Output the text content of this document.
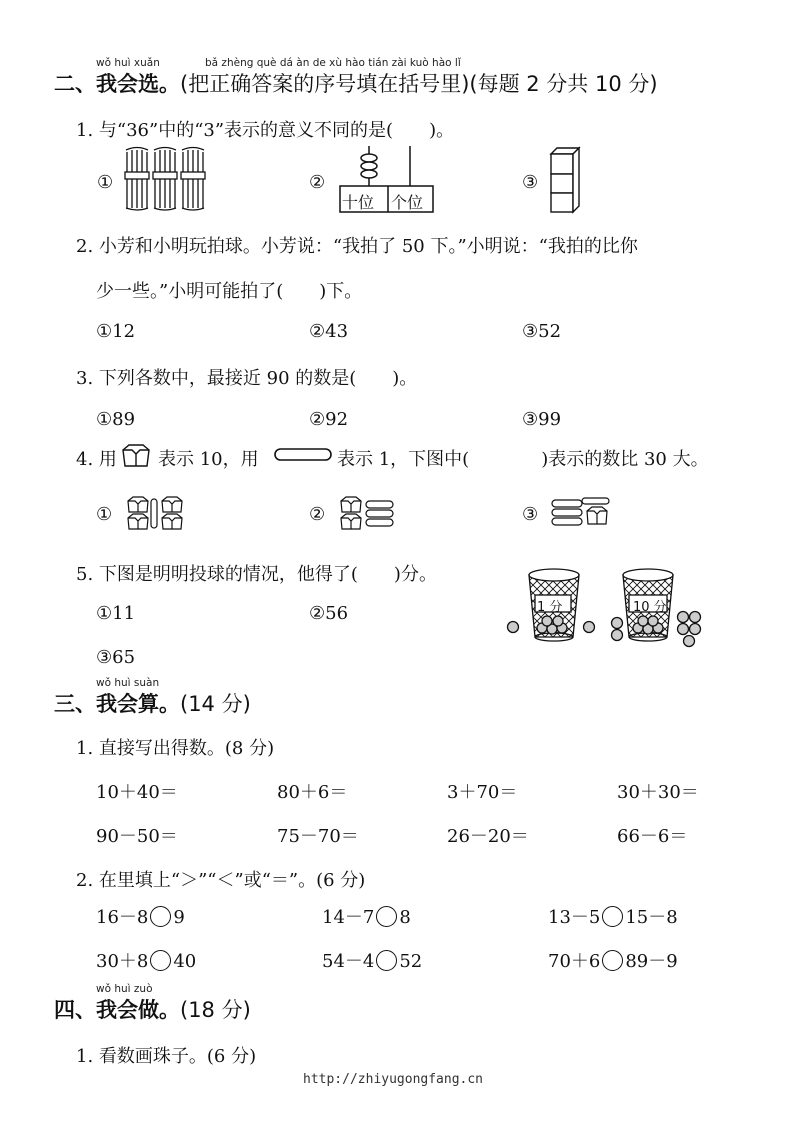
wǒ huì xuǎn	bǎ zhèng què dá àn de xù hào tián zài kuò hào lǐ
二、我会选。(把正确答案的序号填在括号里)(每题 2 分共 10 分)
1. 与“36”中的“3”表示的意义不同的是(　　)。
①	②
十位 个位
③
2. 小芳和小明玩拍球。小芳说：“我拍了 50 下。”小明说：“我拍的比你
少一些。”小明可能拍了(　　)下。
①12	②43	③52
3. 下列各数中，最接近 90 的数是(　　)。
①89	②92	③99
4. 用 表示 10，用	表示 1，下图中(　　　　)表示的数比 30 大。
①	②	③
5. 下图是明明投球的情况，他得了(　　)分。
①11	②56
③65
1 分	10 分
wǒ huì suàn
三、我会算。(14 分)
1. 直接写出得数。(8 分)
10＋40＝	80＋6＝	3＋70＝	30＋30＝
90－50＝	75－70＝	26－20＝	66－6＝
2. 在里填上“＞”“＜”或“＝”。(6 分)
16－8 9	14－7 8	13－5 15－8
30＋8 40	54－4 52	70＋6 89－9
wǒ huì zuò
四、我会做。(18 分)
1. 看数画珠子。(6 分)
http://zhiyugongfang.cn
